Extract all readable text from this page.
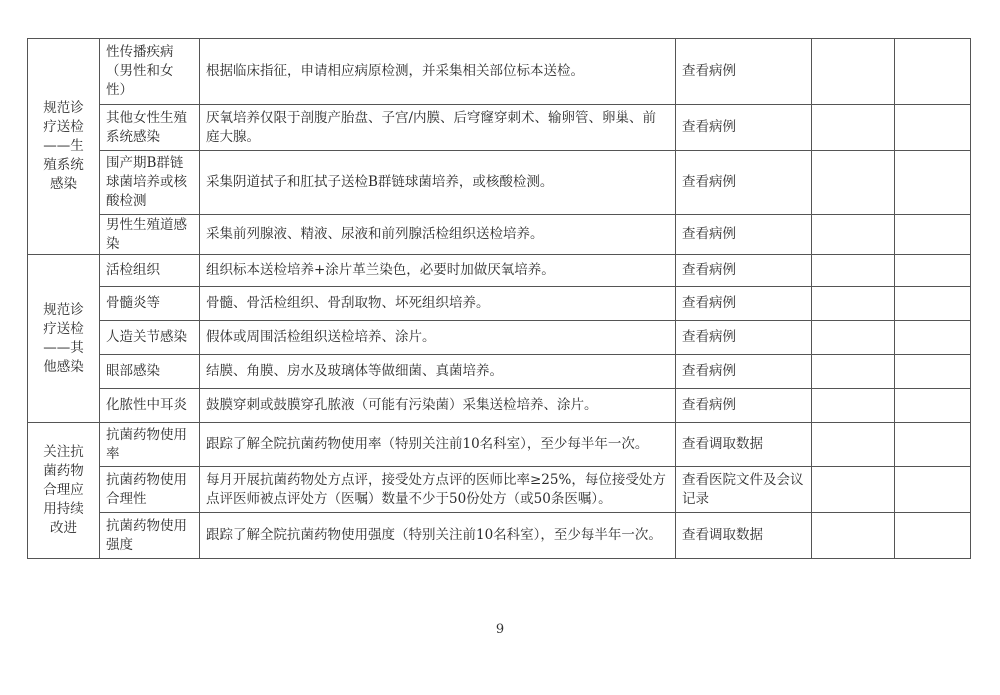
规范诊疗送检——生殖系统感染	性传播疾病（男性和女性）	根据临床指征，申请相应病原检测，并采集相关部位标本送检。	查看病例		
	其他女性生殖系统感染	厌氧培养仅限于剖腹产胎盘、子宫/内膜、后穹窿穿刺术、输卵管、卵巢、前庭大腺。	查看病例		
	围产期B群链球菌培养或核酸检测	采集阴道拭子和肛拭子送检B群链球菌培养，或核酸检测。	查看病例		
	男性生殖道感染	采集前列腺液、精液、尿液和前列腺活检组织送检培养。	查看病例		
规范诊疗送检——其他感染	活检组织	组织标本送检培养+涂片革兰染色，必要时加做厌氧培养。	查看病例		
	骨髓炎等	骨髓、骨活检组织、骨刮取物、坏死组织培养。	查看病例		
	人造关节感染	假体或周围活检组织送检培养、涂片。	查看病例		
	眼部感染	结膜、角膜、房水及玻璃体等做细菌、真菌培养。	查看病例		
	化脓性中耳炎	鼓膜穿刺或鼓膜穿孔脓液（可能有污染菌）采集送检培养、涂片。	查看病例		
关注抗菌药物合理应用持续改进	抗菌药物使用率	跟踪了解全院抗菌药物使用率（特别关注前10名科室），至少每半年一次。	查看调取数据		
	抗菌药物使用合理性	每月开展抗菌药物处方点评，接受处方点评的医师比率≥25%，每位接受处方点评医师被点评处方（医嘱）数量不少于50份处方（或50条医嘱）。	查看医院文件及会议记录		
	抗菌药物使用强度	跟踪了解全院抗菌药物使用强度（特别关注前10名科室），至少每半年一次。	查看调取数据		
9
